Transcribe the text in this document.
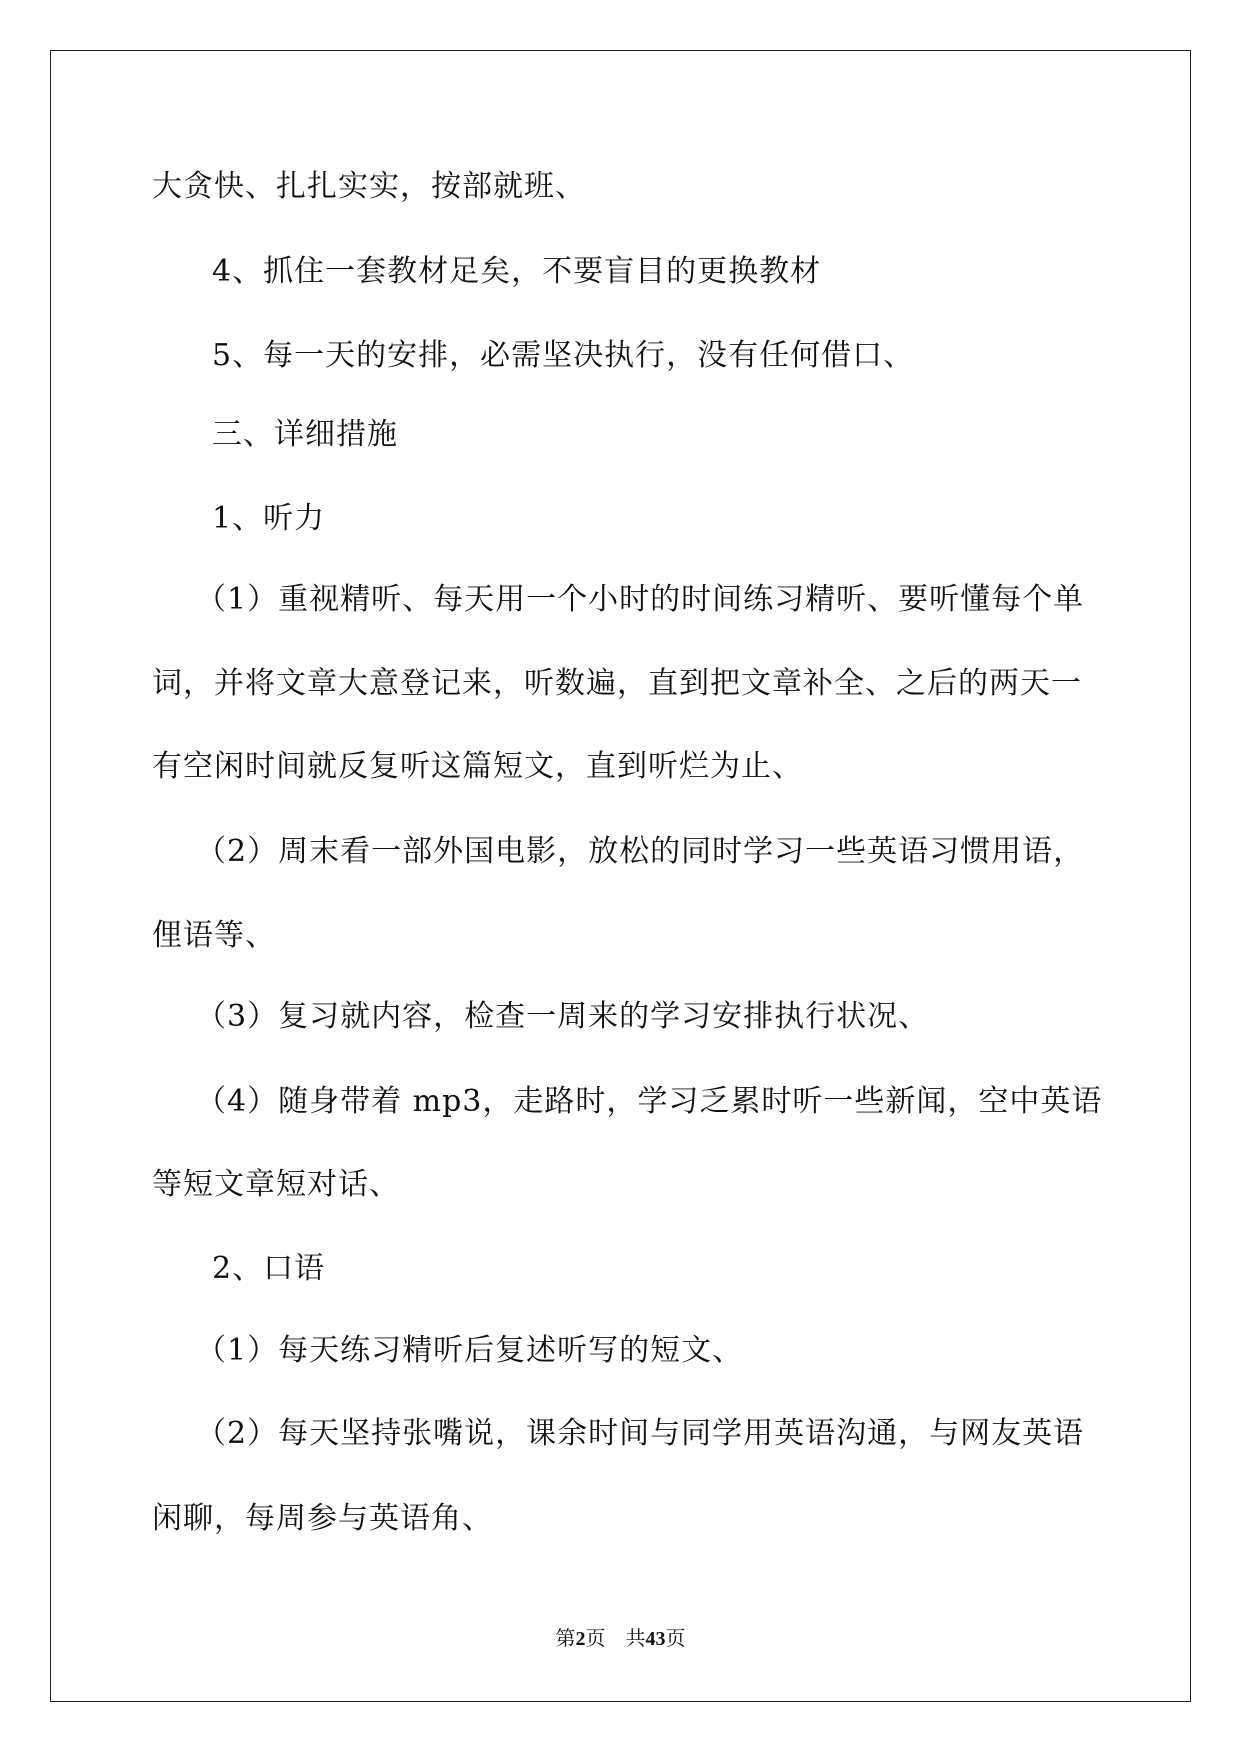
大贪快、扎扎实实，按部就班、
4、抓住一套教材足矣，不要盲目的更换教材
5、每一天的安排，必需坚决执行，没有任何借口、
三、详细措施
1、听力
（1）重视精听、每天用一个小时的时间练习精听、要听懂每个单
词，并将文章大意登记来，听数遍，直到把文章补全、之后的两天一
有空闲时间就反复听这篇短文，直到听烂为止、
（2）周末看一部外国电影，放松的同时学习一些英语习惯用语，
俚语等、
（3）复习就内容，检查一周来的学习安排执行状况、
（4）随身带着 mp3，走路时，学习乏累时听一些新闻，空中英语
等短文章短对话、
2、口语
（1）每天练习精听后复述听写的短文、
（2）每天坚持张嘴说，课余时间与同学用英语沟通，与网友英语
闲聊，每周参与英语角、
第2页　共43页
